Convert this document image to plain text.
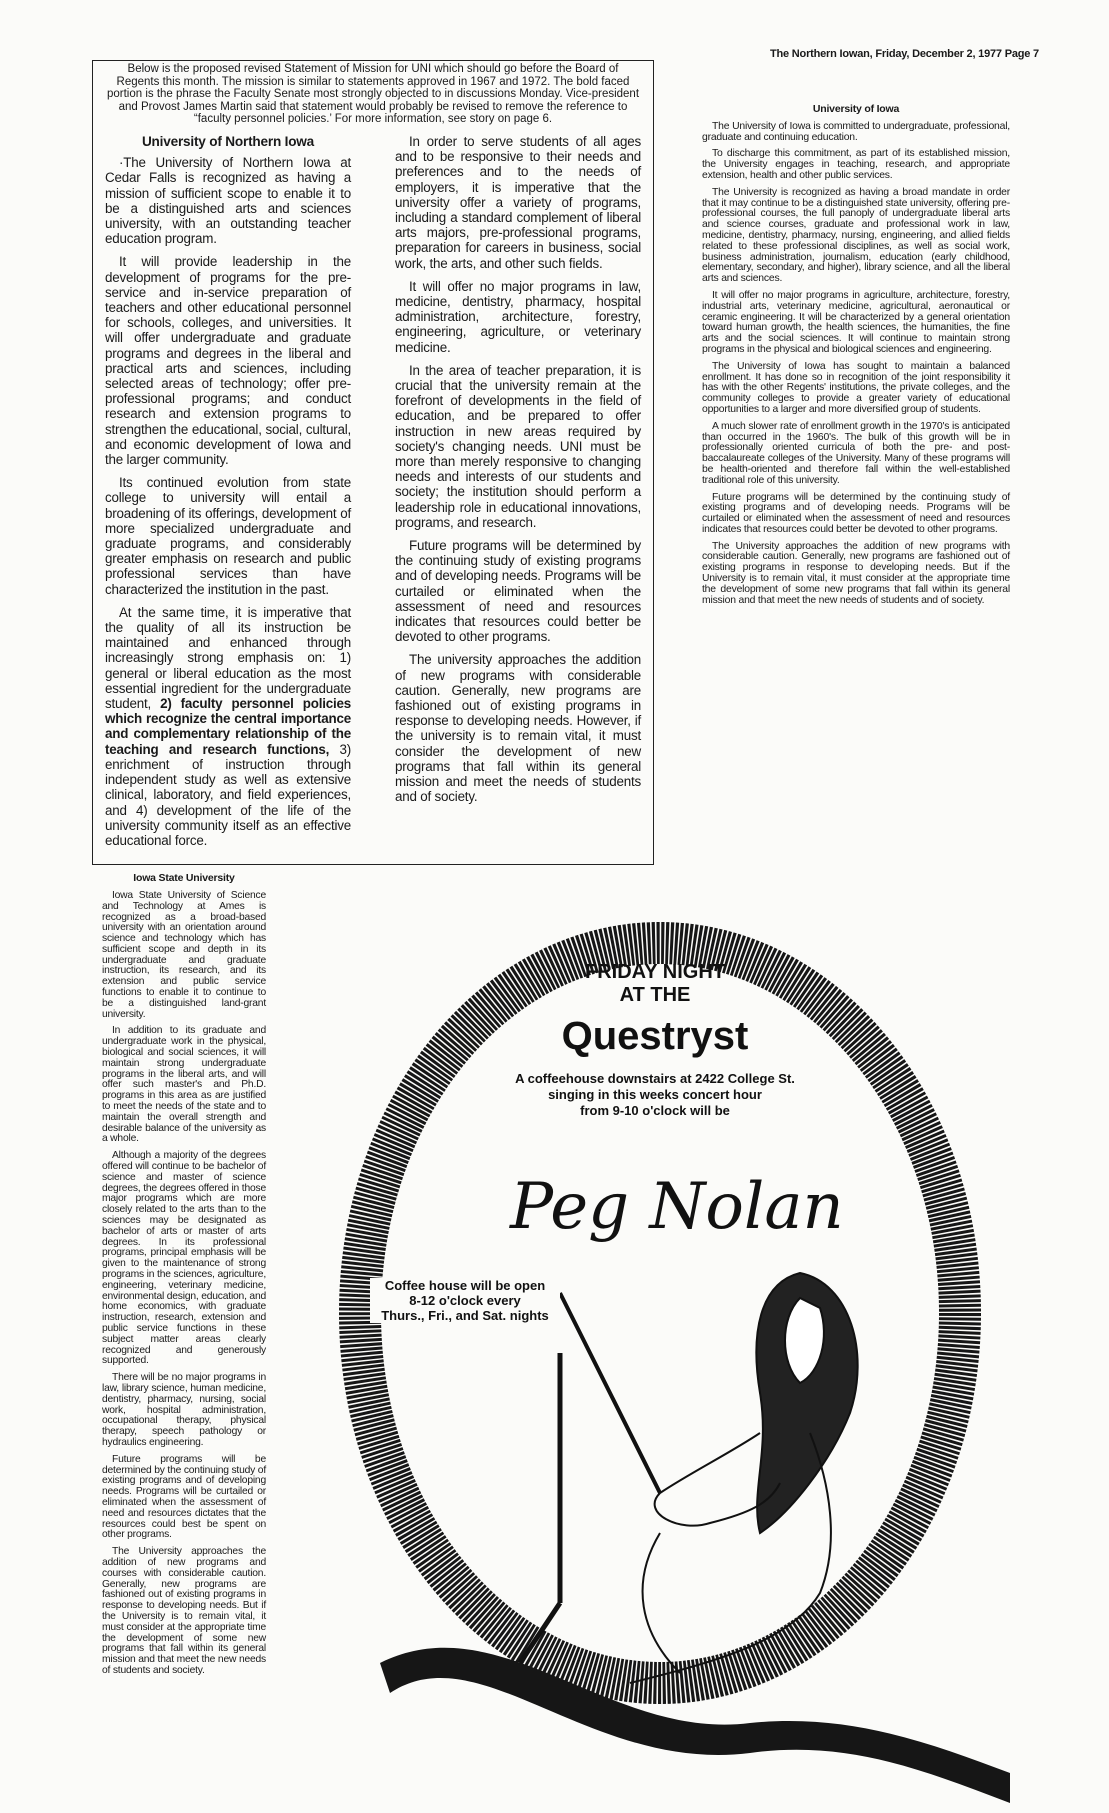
The Northern Iowan, Friday, December 2, 1977 Page 7
Below is the proposed revised Statement of Mission for UNI which should go before the Board of Regents this month. The mission is similar to statements approved in 1967 and 1972. The bold faced portion is the phrase the Faculty Senate most strongly objected to in discussions Monday. Vice-president and Provost James Martin said that statement would probably be revised to remove the reference to “faculty personnel policies.’ For more information, see story on page 6.
University of Northern Iowa

·The University of Northern Iowa at Cedar Falls is recognized as having a mission of sufficient scope to enable it to be a distinguished arts and sciences university, with an outstanding teacher education program.

It will provide leadership in the development of programs for the pre-service and in-service preparation of teachers and other educational personnel for schools, colleges, and universities. It will offer undergraduate and graduate programs and degrees in the liberal and practical arts and sciences, including selected areas of technology; offer pre-professional programs; and conduct research and extension programs to strengthen the educational, social, cultural, and economic development of Iowa and the larger community.

Its continued evolution from state college to university will entail a broadening of its offerings, development of more specialized undergraduate and graduate programs, and considerably greater emphasis on research and public professional services than have characterized the institution in the past.

At the same time, it is imperative that the quality of all its instruction be maintained and enhanced through increasingly strong emphasis on: 1) general or liberal education as the most essential ingredient for the undergraduate student, 2) faculty personnel policies which recognize the central importance and complementary relationship of the teaching and research functions, 3) enrichment of instruction through independent study as well as extensive clinical, laboratory, and field experiences, and 4) development of the life of the university community itself as an effective educational force.

In order to serve students of all ages and to be responsive to their needs and preferences and to the needs of employers, it is imperative that the university offer a variety of programs, including a standard complement of liberal arts majors, pre-professional programs, preparation for careers in business, social work, the arts, and other such fields.

It will offer no major programs in law, medicine, dentistry, pharmacy, hospital administration, architecture, forestry, engineering, agriculture, or veterinary medicine.

In the area of teacher preparation, it is crucial that the university remain at the forefront of developments in the field of education, and be prepared to offer instruction in new areas required by society's changing needs. UNI must be more than merely responsive to changing needs and interests of our students and society; the institution should perform a leadership role in educational innovations, programs, and research.

Future programs will be determined by the continuing study of existing programs and of developing needs. Programs will be curtailed or eliminated when the assessment of need and resources indicates that resources could better be devoted to other programs.

The university approaches the addition of new programs with considerable caution. Generally, new programs are fashioned out of existing programs in response to developing needs. However, if the university is to remain vital, it must consider the development of new programs that fall within its general mission and meet the needs of students and of society.

University of Iowa

The University of Iowa is committed to undergraduate, professional, graduate and continuing education.

To discharge this commitment, as part of its established mission, the University engages in teaching, research, and appropriate extension, health and other public services.

The University is recognized as having a broad mandate in order that it may continue to be a distinguished state university, offering pre-professional courses, the full panoply of undergraduate liberal arts and science courses, graduate and professional work in law, medicine, dentistry, pharmacy, nursing, engineering, and allied fields related to these professional disciplines, as well as social work, business administration, journalism, education (early childhood, elementary, secondary, and higher), library science, and all the liberal arts and sciences.

It will offer no major programs in agriculture, architecture, forestry, industrial arts, veterinary medicine, agricultural, aeronautical or ceramic engineering. It will be characterized by a general orientation toward human growth, the health sciences, the humanities, the fine arts and the social sciences. It will continue to maintain strong programs in the physical and biological sciences and engineering.

The University of Iowa has sought to maintain a balanced enrollment. It has done so in recognition of the joint responsibility it has with the other Regents' institutions, the private colleges, and the community colleges to provide a greater variety of educational opportunities to a larger and more diversified group of students.

A much slower rate of enrollment growth in the 1970's is anticipated than occurred in the 1960's. The bulk of this growth will be in professionally oriented curricula of both the pre- and post-baccalaureate colleges of the University. Many of these programs will be health-oriented and therefore fall within the well-established traditional role of this university.

Future programs will be determined by the continuing study of existing programs and of developing needs. Programs will be curtailed or eliminated when the assessment of need and resources indicates that resources could better be devoted to other programs.

The University approaches the addition of new programs with considerable caution. Generally, new programs are fashioned out of existing programs in response to developing needs. But if the University is to remain vital, it must consider at the appropriate time the development of some new programs that fall within its general mission and that meet the new needs of students and of society.

Iowa State University

Iowa State University of Science and Technology at Ames is recognized as a broad-based university with an orientation around science and technology which has sufficient scope and depth in its undergraduate and graduate instruction, its research, and its extension and public service functions to enable it to continue to be a distinguished land-grant university.

In addition to its graduate and undergraduate work in the physical, biological and social sciences, it will maintain strong undergraduate programs in the liberal arts, and will offer such master's and Ph.D. programs in this area as are justified to meet the needs of the state and to maintain the overall strength and desirable balance of the university as a whole.

Although a majority of the degrees offered will continue to be bachelor of science and master of science degrees, the degrees offered in those major programs which are more closely related to the arts than to the sciences may be designated as bachelor of arts or master of arts degrees. In its professional programs, principal emphasis will be given to the maintenance of strong programs in the sciences, agriculture, engineering, veterinary medicine, environmental design, education, and home economics, with graduate instruction, research, extension and public service functions in these subject matter areas clearly recognized and generously supported.

There will be no major programs in law, library science, human medicine, dentistry, pharmacy, nursing, social work, hospital administration, occupational therapy, physical therapy, speech pathology or hydraulics engineering.

Future programs will be determined by the continuing study of existing programs and of developing needs. Programs will be curtailed or eliminated when the assessment of need and resources dictates that the resources could best be spent on other programs.

The University approaches the addition of new programs and courses with considerable caution. Generally, new programs are fashioned out of existing programs in response to developing needs. But if the University is to remain vital, it must consider at the appropriate time the development of some new programs that fall within its general mission and that meet the new needs of students and society.

Peg Nolan
FRIDAY NIGHT
AT THE
Questryst
A coffeehouse downstairs at 2422 College St.
singing in this weeks concert hour
from 9-10 o'clock will be
Coffee house will be open
8-12 o'clock every
Thurs., Fri., and Sat. nights
